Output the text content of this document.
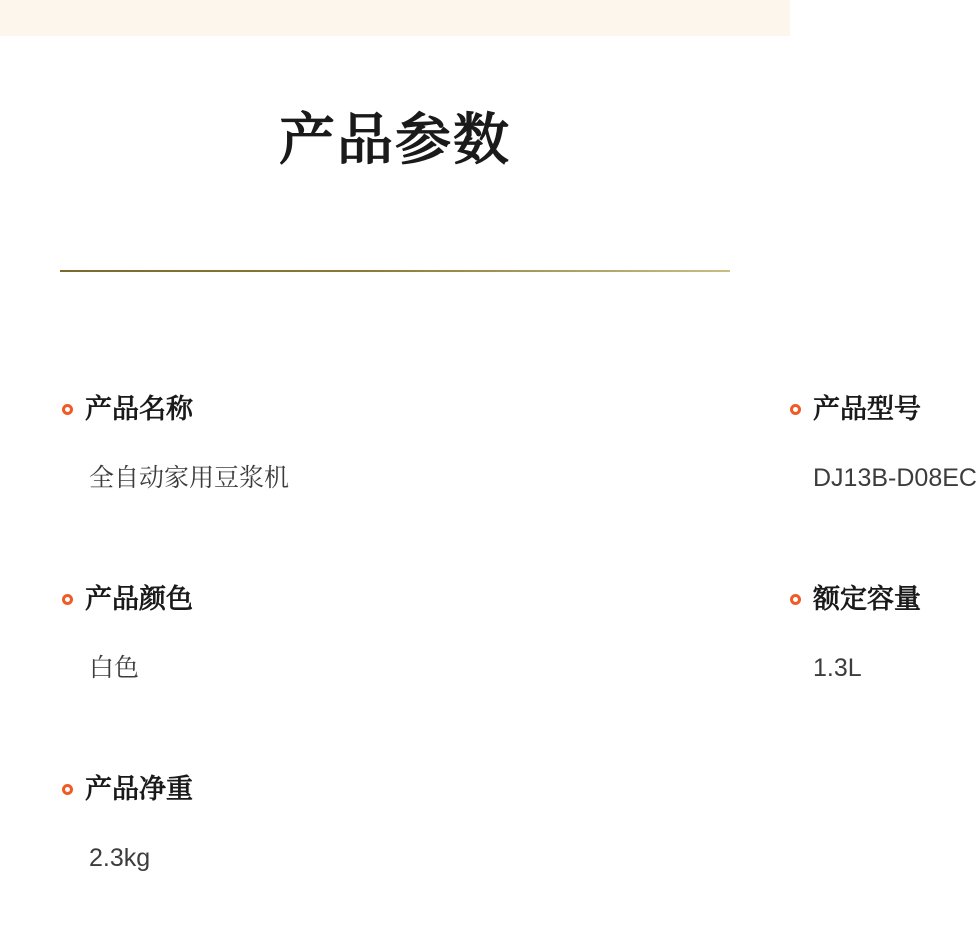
产品参数
产品名称
全自动家用豆浆机
产品型号
DJ13B-D08EC
产品颜色
白色
额定容量
1.3L
产品净重
2.3kg
